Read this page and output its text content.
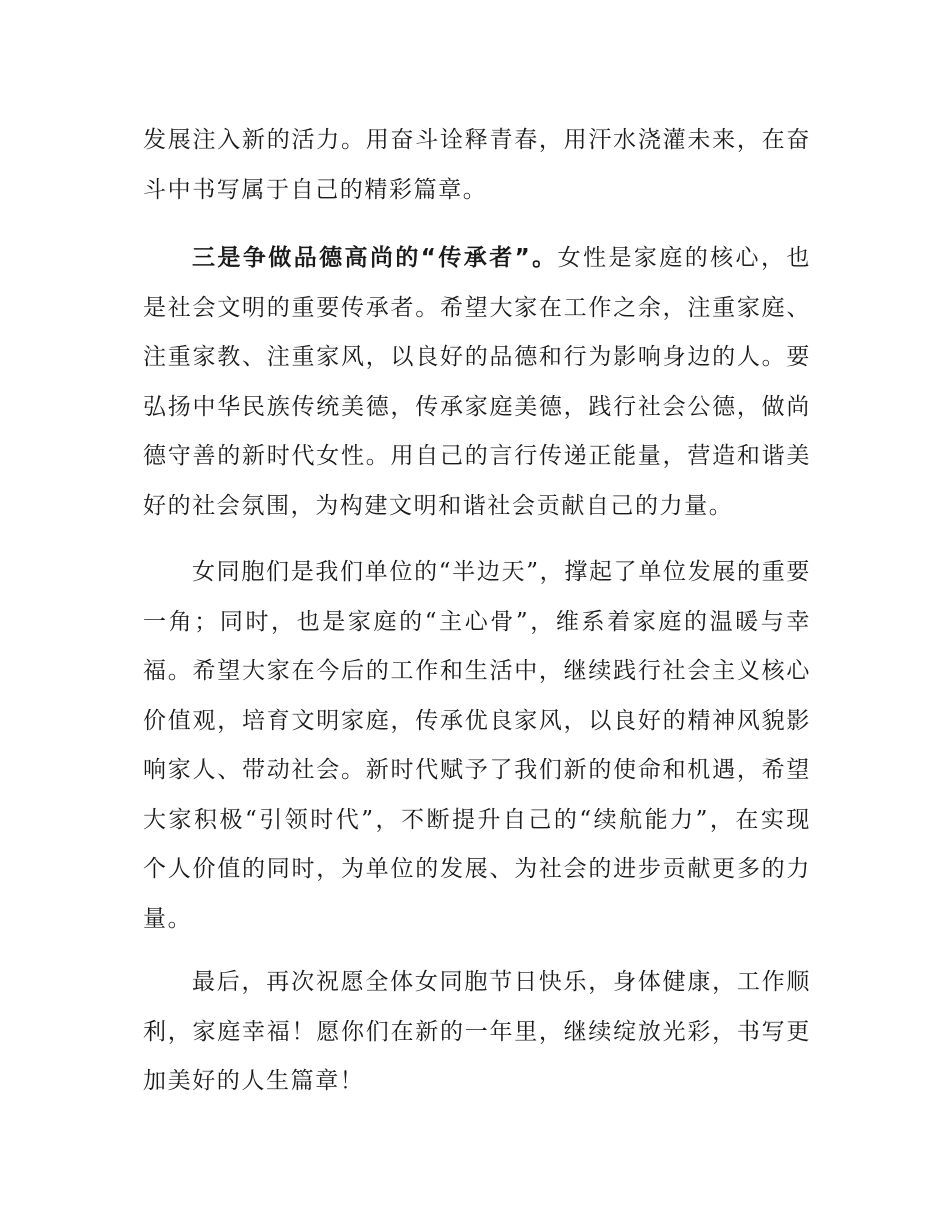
发展注入新的活力。用奋斗诠释青春，用汗水浇灌未来，在奋斗中书写属于自己的精彩篇章。

三是争做品德高尚的“传承者”。女性是家庭的核心，也是社会文明的重要传承者。希望大家在工作之余，注重家庭、注重家教、注重家风，以良好的品德和行为影响身边的人。要弘扬中华民族传统美德，传承家庭美德，践行社会公德，做尚德守善的新时代女性。用自己的言行传递正能量，营造和谐美好的社会氛围，为构建文明和谐社会贡献自己的力量。

女同胞们是我们单位的“半边天”，撑起了单位发展的重要一角；同时，也是家庭的“主心骨”，维系着家庭的温暖与幸福。希望大家在今后的工作和生活中，继续践行社会主义核心价值观，培育文明家庭，传承优良家风，以良好的精神风貌影响家人、带动社会。新时代赋予了我们新的使命和机遇，希望大家积极“引领时代”，不断提升自己的“续航能力”，在实现个人价值的同时，为单位的发展、为社会的进步贡献更多的力量。

最后，再次祝愿全体女同胞节日快乐，身体健康，工作顺利，家庭幸福！愿你们在新的一年里，继续绽放光彩，书写更加美好的人生篇章！
